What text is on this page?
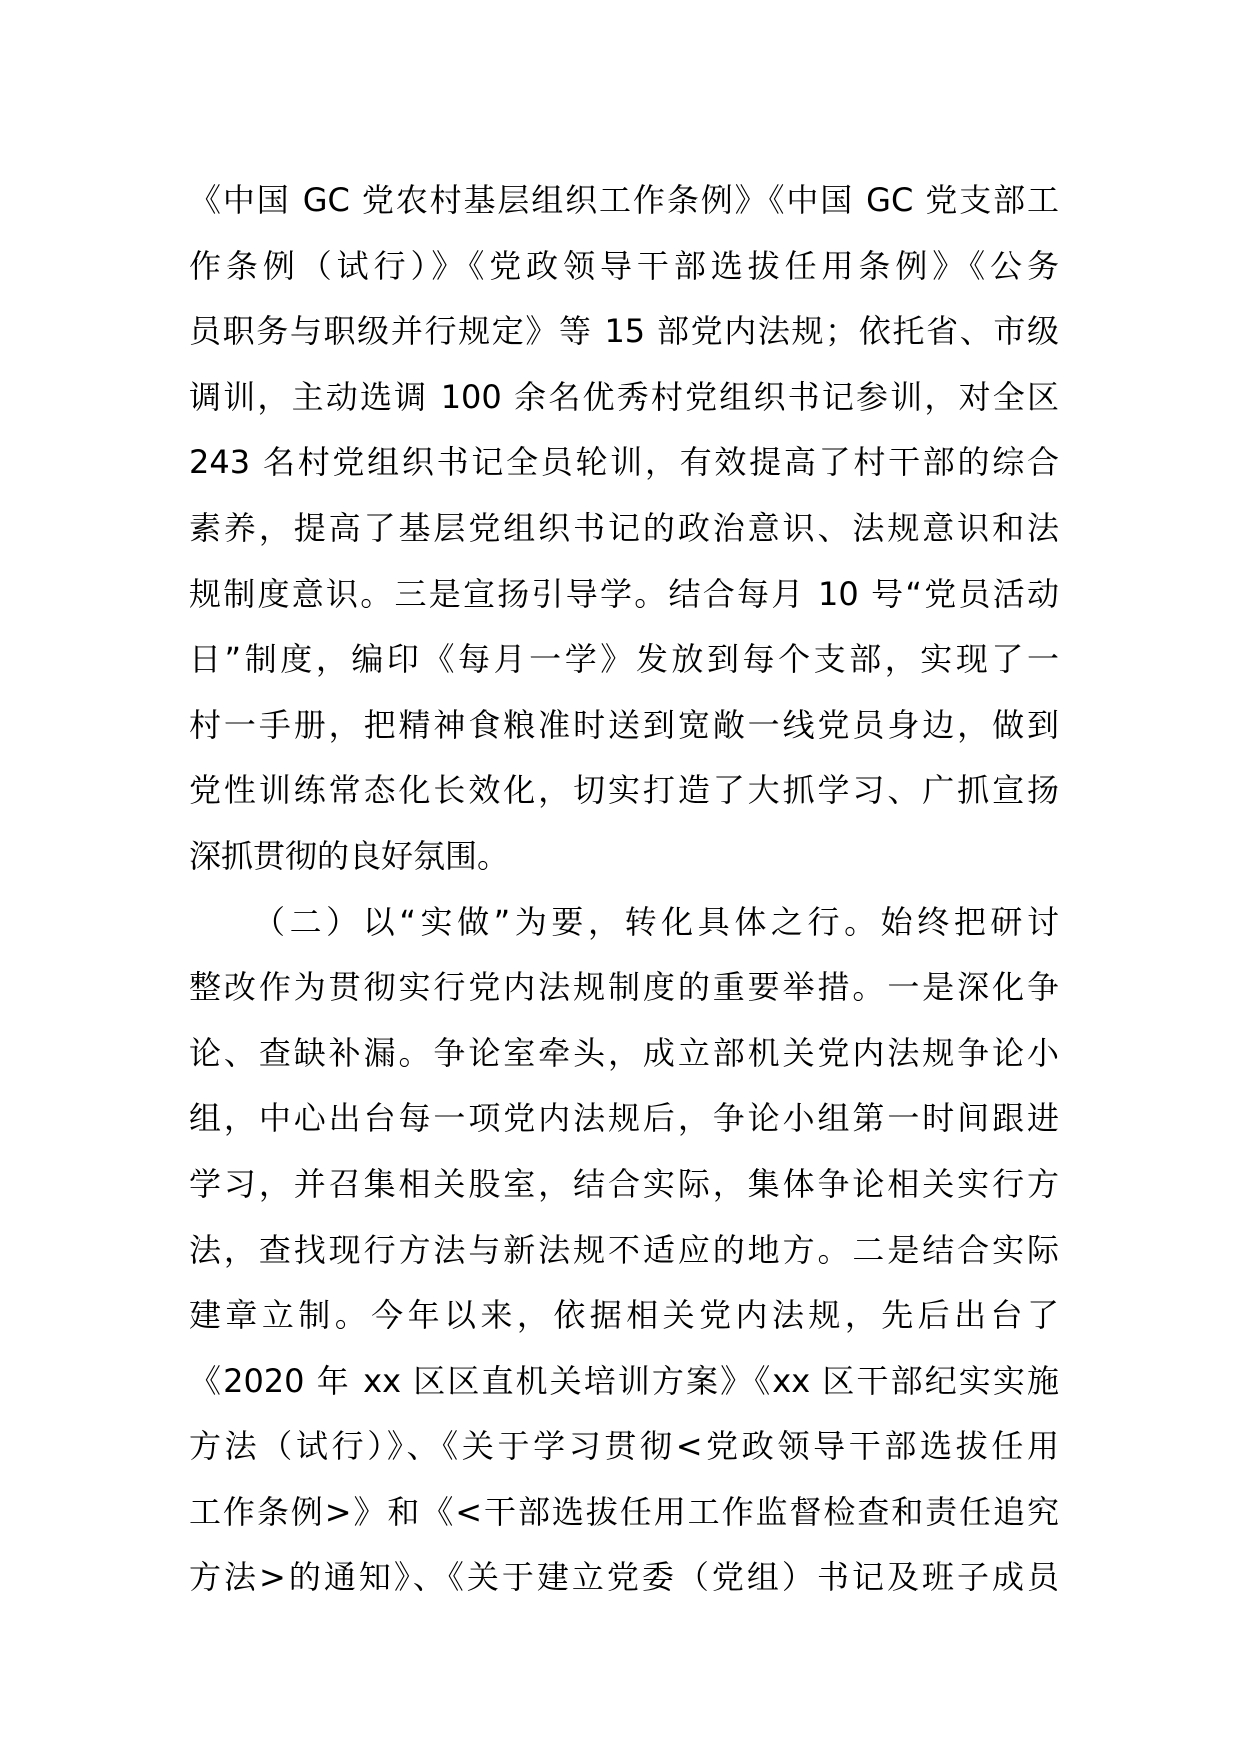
《中国 GC 党农村基层组织工作条例》《中国 GC 党支部工
作条例（试行）》《党政领导干部选拔任用条例》《公务
员职务与职级并行规定》等 15 部党内法规；依托省、市级
调训，主动选调 100 余名优秀村党组织书记参训，对全区
243 名村党组织书记全员轮训，有效提高了村干部的综合
素养，提高了基层党组织书记的政治意识、法规意识和法
规制度意识。三是宣扬引导学。结合每月 10 号“党员活动
日”制度，编印《每月一学》发放到每个支部，实现了一
村一手册，把精神食粮准时送到宽敞一线党员身边，做到
党性训练常态化长效化，切实打造了大抓学习、广抓宣扬
深抓贯彻的良好氛围。
（二）以“实做”为要，转化具体之行。始终把研讨
整改作为贯彻实行党内法规制度的重要举措。一是深化争
论、查缺补漏。争论室牵头，成立部机关党内法规争论小
组，中心出台每一项党内法规后，争论小组第一时间跟进
学习，并召集相关股室，结合实际，集体争论相关实行方
法，查找现行方法与新法规不适应的地方。二是结合实际
建章立制。今年以来，依据相关党内法规，先后出台了
《2020 年 xx 区区直机关培训方案》《xx 区干部纪实实施
方法（试行）》、《关于学习贯彻<党政领导干部选拔任用
工作条例>》和《<干部选拔任用工作监督检查和责任追究
方法>的通知》、《关于建立党委（党组）书记及班子成员
